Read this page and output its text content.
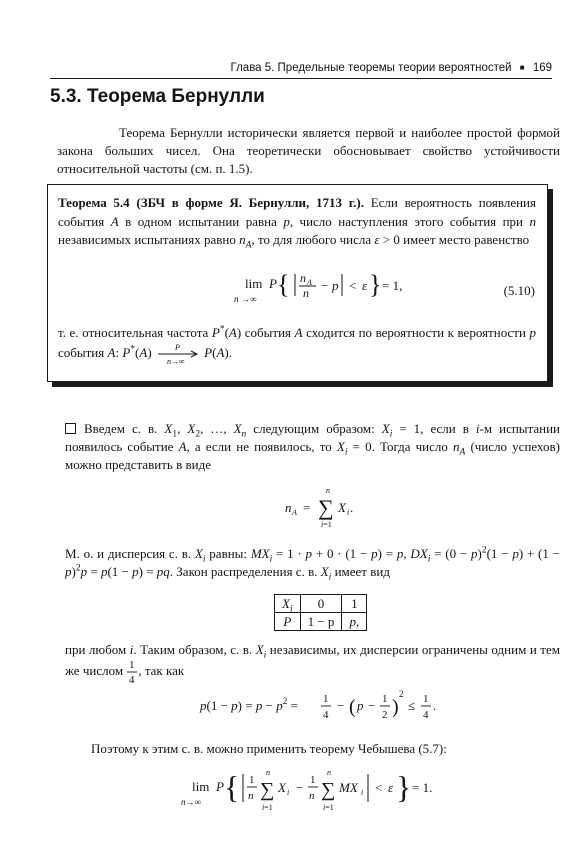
Глава 5. Предельные теоремы теории вероятностей ■ 169
5.3. Теорема Бернулли
Теорема Бернулли исторически является первой и наиболее простой формой закона больших чисел. Она теоретически обосновывает свойство устойчивости относительной частоты (см. п. 1.5).
Теорема 5.4 (ЗБЧ в форме Я. Бернулли, 1713 г.). Если вероятность появления события A в одном испытании равна p, число наступления этого события при n независимых испытаниях равно $n_A$, то для любого числа ε > 0 имеет место равенство
lim
n →∞
P { n A
n − p < ε } = 1,	(5.10)
т. е. относительная частота P*(A) события A сходится по вероятности к вероятности p события A: P*(A)	P
n→∞
P(A).
Введем с. в. $X_1$, $X_2$, …, $X_n$ следующим образом: $X_i = 1$, если в i-м испытании появилось событие A, а если не появилось, то $X_i = 0$. Тогда число $n_A$ (число успехов) можно представить в виде
n A =
n
∑
i=1
X i .
М. о. и дисперсия с. в. $X_i$ равны: $MX_i = 1 \cdot p + 0 \cdot (1 - p) = p$, $DX_i = (0 - p)^2(1 - p) + (1 - p)^2p = p(1 - p)$ = pq. Закон распределения с. в. $X_i$ имеет вид
$X_i$	0	1
P	1 − p	p,
при любом i. Таким образом, с. в. $X_i$ независимы, их дисперсии ограничены одним и тем же числом 1
4
, так как
$p(1 - p) = p - p^2 = 1$
4
− ( p − 1
2 )
2
≤ 1
4
.
Поэтому к этим с. в. можно применить теорему Чебышева (5.7):
lim
n→∞
P { 1
n
n
∑
i=1
X i − 1
n
n
∑
i=1
MX i < ε } = 1.
